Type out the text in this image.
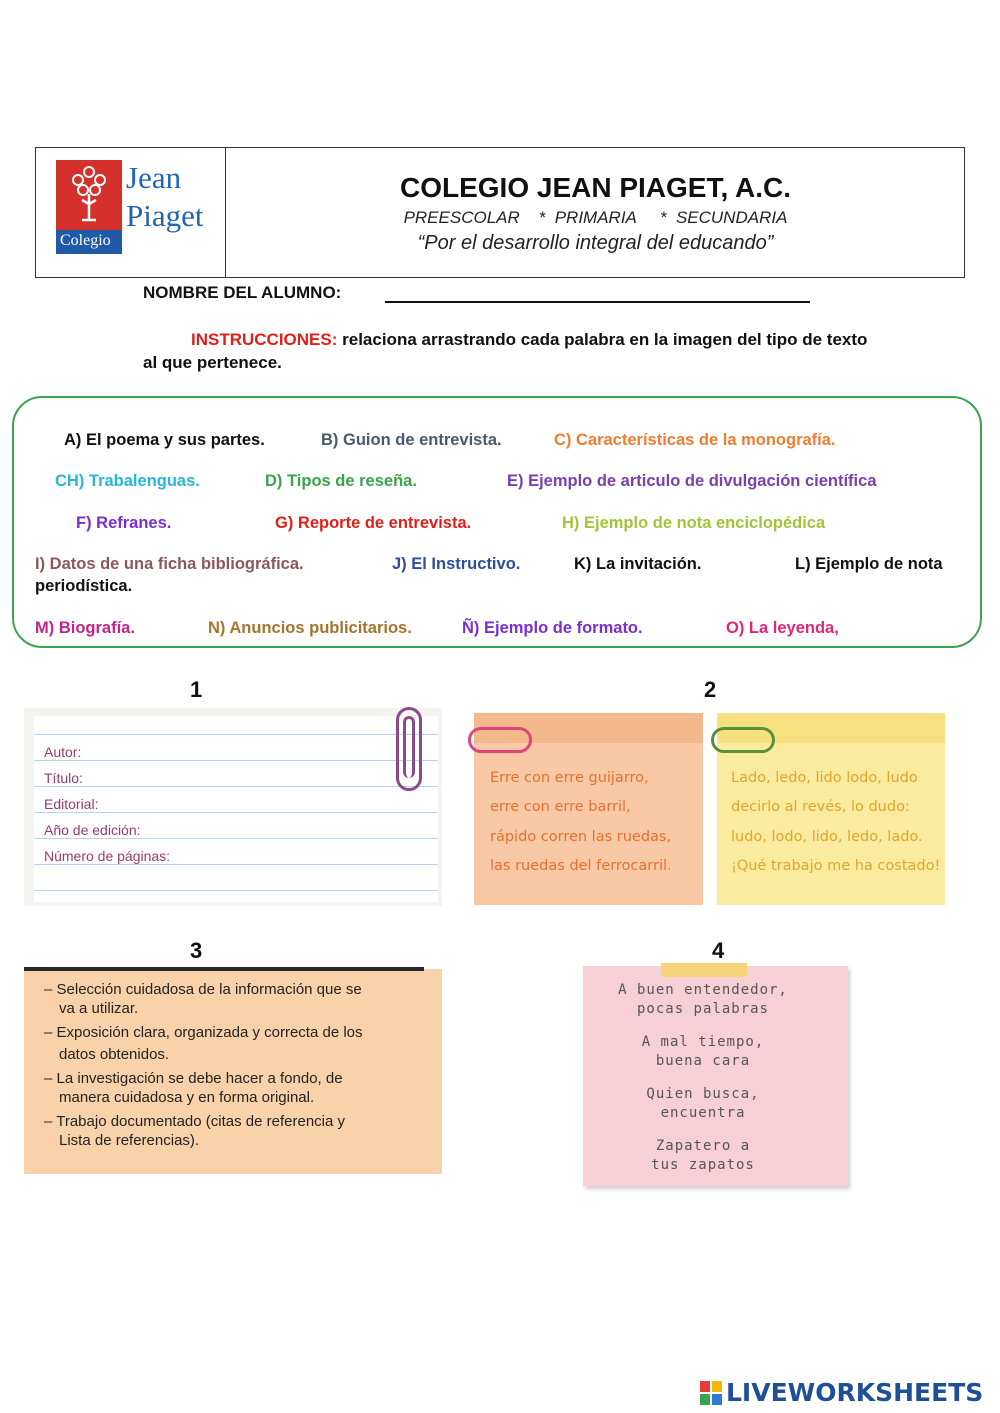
Colegio
Jean
Piaget
COLEGIO JEAN PIAGET, A.C.
PREESCOLAR    *  PRIMARIA     *  SECUNDARIA
“Por el desarrollo integral del educando”
NOMBRE DEL ALUMNO:
INSTRUCCIONES: relaciona arrastrando cada palabra en la imagen del tipo de texto al que pertenece.
A) El poema y sus partes.	B) Guion de entrevista.	C) Características de la monografía.
CH) Trabalenguas.	D) Tipos de reseña.	E) Ejemplo de articulo de divulgación científica
F) Refranes.	G) Reporte de entrevista.	H) Ejemplo de nota enciclopédica
I) Datos de una ficha bibliográfica.	J) El Instructivo.	K) La invitación.	L) Ejemplo de nota
periodística.
M) Biografía.	N) Anuncios publicitarios.	Ñ) Ejemplo de formato.	O) La leyenda,
1	2
3	4
Autor:
Título:
Editorial:
Año de edición:
Número de páginas:
Erre con erre guijarro,
erre con erre barril,
rápido corren las ruedas,
las ruedas del ferrocarril.
Lado, ledo, lido lodo, ludo
decirlo al revés, lo dudo:
ludo, lodo, lido, ledo, lado.
¡Qué trabajo me ha costado!
– Selección cuidadosa de la información que se
va a utilizar.
– Exposición clara, organizada y correcta de los
datos obtenidos.
– La investigación se debe hacer a fondo, de
manera cuidadosa y en forma original.
– Trabajo documentado (citas de referencia y
Lista de referencias).
A buen entendedor,
pocas palabras
A mal tiempo,
buena cara
Quien busca,
encuentra
Zapatero a
tus zapatos
LIVEWORKSHEETS
